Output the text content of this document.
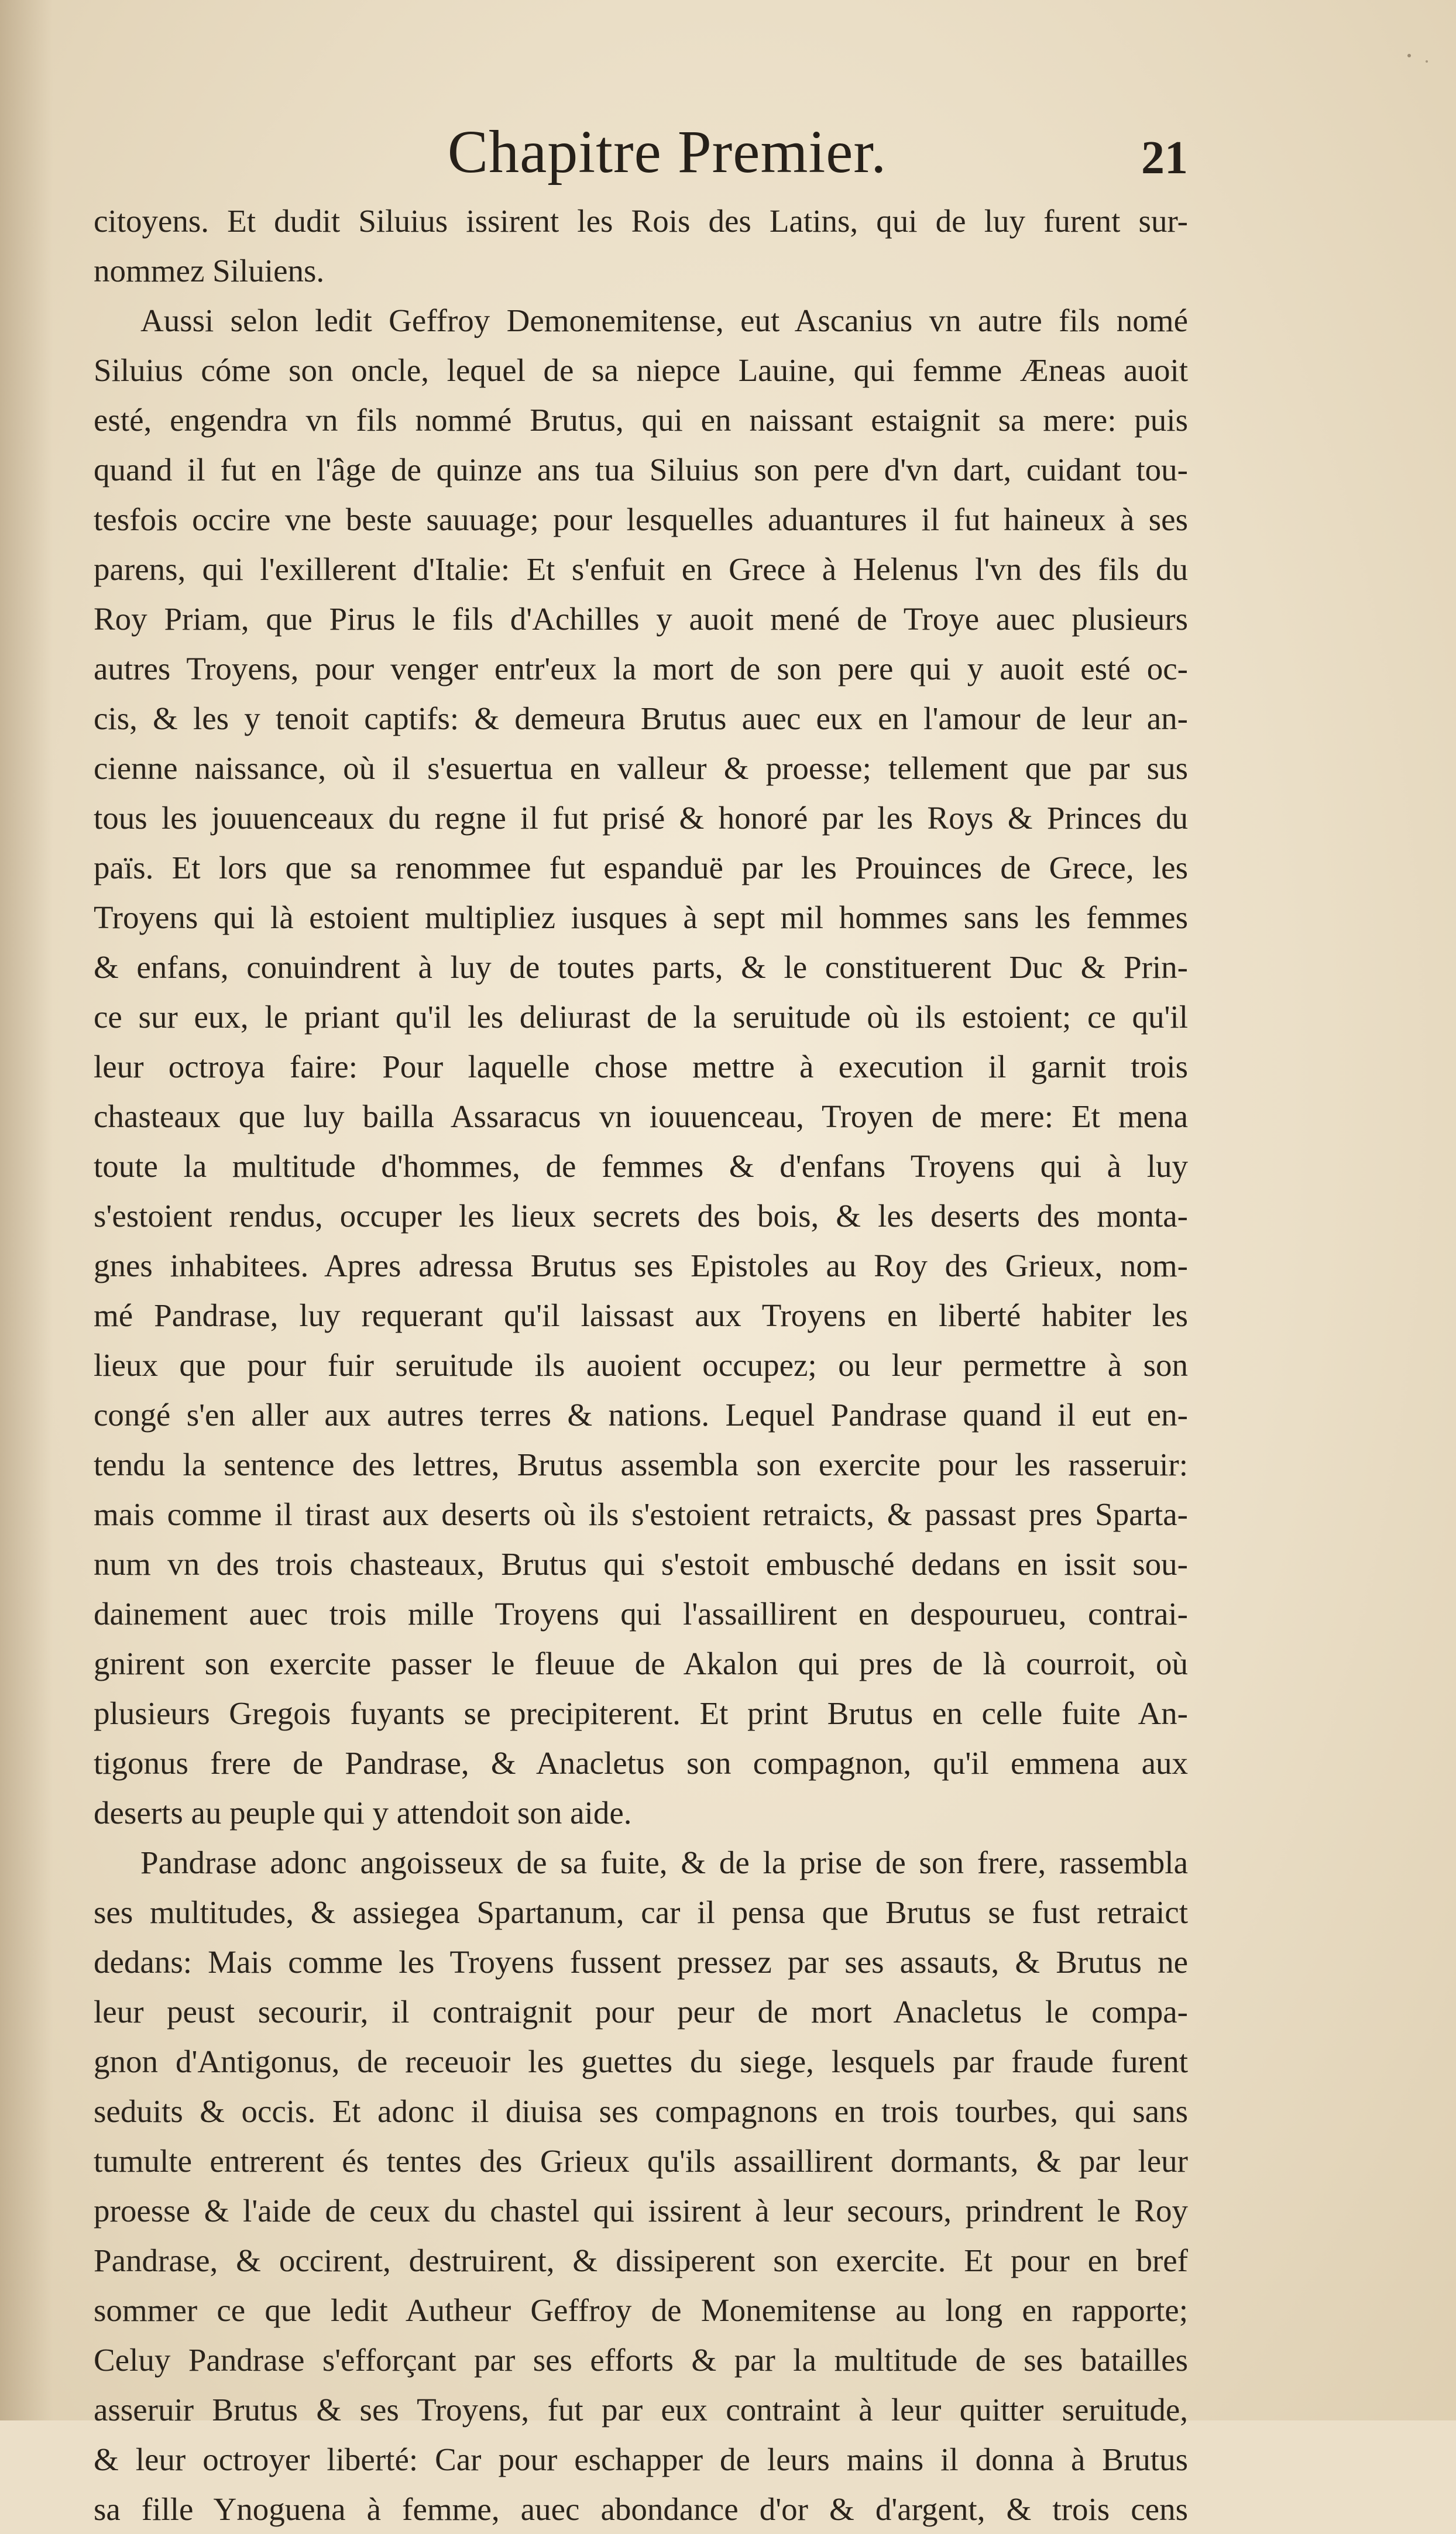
Chapitre Premier.	21
citoyens. Et dudit Siluius issirent les Rois des Latins, qui de luy furent sur-
nommez Siluiens.
Aussi selon ledit Geffroy Demonemitense, eut Ascanius vn autre fils nomé
Siluius cóme son oncle, lequel de sa niepce Lauine, qui femme Æneas auoit
esté, engendra vn fils nommé Brutus, qui en naissant estaignit sa mere: puis
quand il fut en l'âge de quinze ans tua Siluius son pere d'vn dart, cuidant tou-
tesfois occire vne beste sauuage; pour lesquelles aduantures il fut haineux à ses
parens, qui l'exillerent d'Italie: Et s'enfuit en Grece à Helenus l'vn des fils du
Roy Priam, que Pirus le fils d'Achilles y auoit mené de Troye auec plusieurs
autres Troyens, pour venger entr'eux la mort de son pere qui y auoit esté oc-
cis, & les y tenoit captifs: & demeura Brutus auec eux en l'amour de leur an-
cienne naissance, où il s'esuertua en valleur & proesse; tellement que par sus
tous les jouuenceaux du regne il fut prisé & honoré par les Roys & Princes du
païs. Et lors que sa renommee fut espanduë par les Prouinces de Grece, les
Troyens qui là estoient multipliez iusques à sept mil hommes sans les femmes
& enfans, conuindrent à luy de toutes parts, & le constituerent Duc & Prin-
ce sur eux, le priant qu'il les deliurast de la seruitude où ils estoient; ce qu'il
leur octroya faire: Pour laquelle chose mettre à execution il garnit trois
chasteaux que luy bailla Assaracus vn iouuenceau, Troyen de mere: Et mena
toute la multitude d'hommes, de femmes & d'enfans Troyens qui à luy
s'estoient rendus, occuper les lieux secrets des bois, & les deserts des monta-
gnes inhabitees. Apres adressa Brutus ses Epistoles au Roy des Grieux, nom-
mé Pandrase, luy requerant qu'il laissast aux Troyens en liberté habiter les
lieux que pour fuir seruitude ils auoient occupez; ou leur permettre à son
congé s'en aller aux autres terres & nations. Lequel Pandrase quand il eut en-
tendu la sentence des lettres, Brutus assembla son exercite pour les rasseruir:
mais comme il tirast aux deserts où ils s'estoient retraicts, & passast pres Sparta-
num vn des trois chasteaux, Brutus qui s'estoit embusché dedans en issit sou-
dainement auec trois mille Troyens qui l'assaillirent en despourueu, contrai-
gnirent son exercite passer le fleuue de Akalon qui pres de là courroit, où
plusieurs Gregois fuyants se precipiterent. Et print Brutus en celle fuite An-
tigonus frere de Pandrase, & Anacletus son compagnon, qu'il emmena aux
deserts au peuple qui y attendoit son aide.
Pandrase adonc angoisseux de sa fuite, & de la prise de son frere, rassembla
ses multitudes, & assiegea Spartanum, car il pensa que Brutus se fust retraict
dedans: Mais comme les Troyens fussent pressez par ses assauts, & Brutus ne
leur peust secourir, il contraignit pour peur de mort Anacletus le compa-
gnon d'Antigonus, de receuoir les guettes du siege, lesquels par fraude furent
seduits & occis. Et adonc il diuisa ses compagnons en trois tourbes, qui sans
tumulte entrerent és tentes des Grieux qu'ils assaillirent dormants, & par leur
proesse & l'aide de ceux du chastel qui issirent à leur secours, prindrent le Roy
Pandrase, & occirent, destruirent, & dissiperent son exercite. Et pour en bref
sommer ce que ledit Autheur Geffroy de Monemitense au long en rapporte;
Celuy Pandrase s'efforçant par ses efforts & par la multitude de ses batailles
asseruir Brutus & ses Troyens, fut par eux contraint à leur quitter seruitude,
& leur octroyer liberté: Car pour eschapper de leurs mains il donna à Brutus
sa fille Ynoguena à femme, auec abondance d'or & d'argent, & trois cens
